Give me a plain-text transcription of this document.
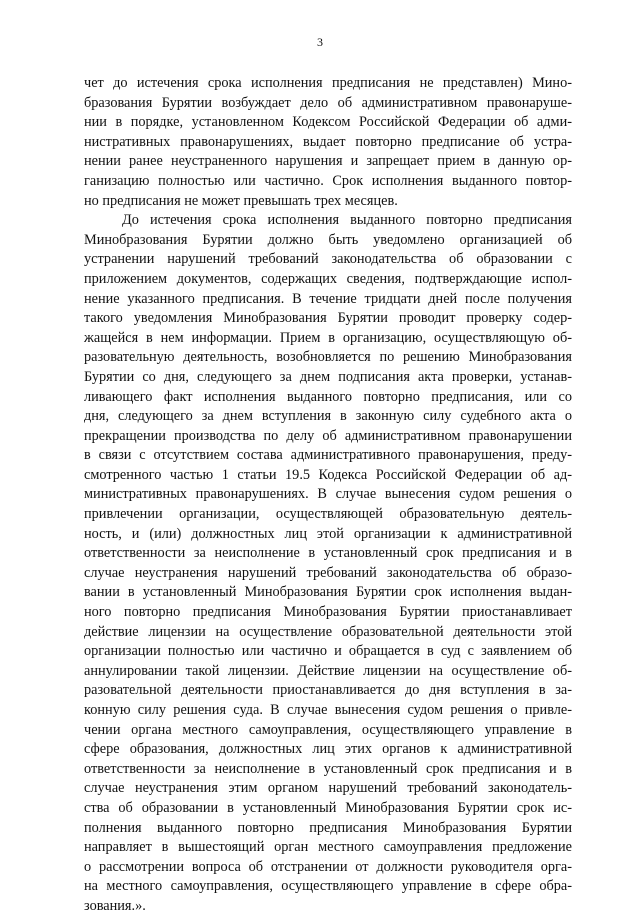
3
чет до истечения срока исполнения предписания не представлен) Мино-
бразования Бурятии возбуждает дело об административном правонаруше-
нии в порядке, установленном Кодексом Российской Федерации об адми-
нистративных правонарушениях, выдает повторно предписание об устра-
нении ранее неустраненного нарушения и запрещает прием в данную ор-
ганизацию полностью или частично. Срок исполнения выданного повтор-
но предписания не может превышать трех месяцев.
До истечения срока исполнения выданного повторно предписания
Минобразования Бурятии должно быть уведомлено организацией об
устранении нарушений требований законодательства об образовании с
приложением документов, содержащих сведения, подтверждающие испол-
нение указанного предписания. В течение тридцати дней после получения
такого уведомления Минобразования Бурятии проводит проверку содер-
жащейся в нем информации. Прием в организацию, осуществляющую об-
разовательную деятельность, возобновляется по решению Минобразования
Бурятии со дня, следующего за днем подписания акта проверки, устанав-
ливающего факт исполнения выданного повторно предписания, или со
дня, следующего за днем вступления в законную силу судебного акта о
прекращении производства по делу об административном правонарушении
в связи с отсутствием состава административного правонарушения, преду-
смотренного частью 1 статьи 19.5 Кодекса Российской Федерации об ад-
министративных правонарушениях. В случае вынесения судом решения о
привлечении организации, осуществляющей образовательную деятель-
ность, и (или) должностных лиц этой организации к административной
ответственности за неисполнение в установленный срок предписания и в
случае неустранения нарушений требований законодательства об образо-
вании в установленный Минобразования Бурятии срок исполнения выдан-
ного повторно предписания Минобразования Бурятии приостанавливает
действие лицензии на осуществление образовательной деятельности этой
организации полностью или частично и обращается в суд с заявлением об
аннулировании такой лицензии. Действие лицензии на осуществление об-
разовательной деятельности приостанавливается до дня вступления в за-
конную силу решения суда. В случае вынесения судом решения о привле-
чении органа местного самоуправления, осуществляющего управление в
сфере образования, должностных лиц этих органов к административной
ответственности за неисполнение в установленный срок предписания и в
случае неустранения этим органом нарушений требований законодатель-
ства об образовании в установленный Минобразования Бурятии срок ис-
полнения выданного повторно предписания Минобразования Бурятии
направляет в вышестоящий орган местного самоуправления предложение
о рассмотрении вопроса об отстранении от должности руководителя орга-
на местного самоуправления, осуществляющего управление в сфере обра-
зования.».
